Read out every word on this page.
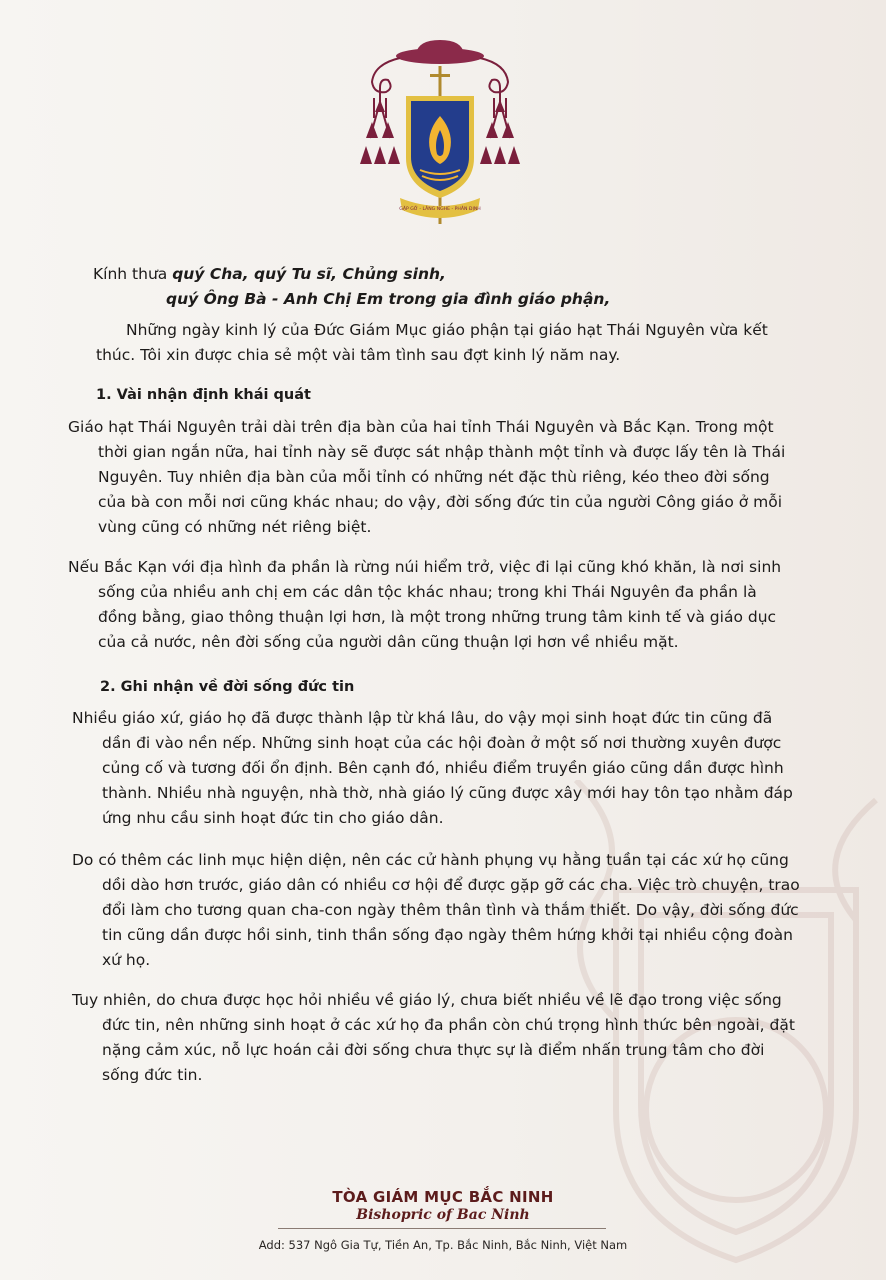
GẶP GỠ - LẮNG NGHE - PHÂN ĐỊNH
Kính thưa quý Cha, quý Tu sĩ, Chủng sinh,
quý Ông Bà - Anh Chị Em trong gia đình giáo phận,

Những ngày kinh lý của Đức Giám Mục giáo phận tại giáo hạt Thái Nguyên vừa kết thúc. Tôi xin được chia sẻ một vài tâm tình sau đợt kinh lý năm nay.

1. Vài nhận định khái quát

Giáo hạt Thái Nguyên trải dài trên địa bàn của hai tỉnh Thái Nguyên và Bắc Kạn. Trong một thời gian ngắn nữa, hai tỉnh này sẽ được sát nhập thành một tỉnh và được lấy tên là Thái Nguyên. Tuy nhiên địa bàn của mỗi tỉnh có những nét đặc thù riêng, kéo theo đời sống của bà con mỗi nơi cũng khác nhau; do vậy, đời sống đức tin của người Công giáo ở mỗi vùng cũng có những nét riêng biệt.

Nếu Bắc Kạn với địa hình đa phần là rừng núi hiểm trở, việc đi lại cũng khó khăn, là nơi sinh sống của nhiều anh chị em các dân tộc khác nhau; trong khi Thái Nguyên đa phần là đồng bằng, giao thông thuận lợi hơn, là một trong những trung tâm kinh tế và giáo dục của cả nước, nên đời sống của người dân cũng thuận lợi hơn về nhiều mặt.

2. Ghi nhận về đời sống đức tin

Nhiều giáo xứ, giáo họ đã được thành lập từ khá lâu, do vậy mọi sinh hoạt đức tin cũng đã dần đi vào nền nếp. Những sinh hoạt của các hội đoàn ở một số nơi thường xuyên được củng cố và tương đối ổn định. Bên cạnh đó, nhiều điểm truyền giáo cũng dần được hình thành. Nhiều nhà nguyện, nhà thờ, nhà giáo lý cũng được xây mới hay tôn tạo nhằm đáp ứng nhu cầu sinh hoạt đức tin cho giáo dân.

Do có thêm các linh mục hiện diện, nên các cử hành phụng vụ hằng tuần tại các xứ họ cũng dồi dào hơn trước, giáo dân có nhiều cơ hội để được gặp gỡ các cha. Việc trò chuyện, trao đổi làm cho tương quan cha-con ngày thêm thân tình và thắm thiết. Do vậy, đời sống đức tin cũng dần được hồi sinh, tinh thần sống đạo ngày thêm hứng khởi tại nhiều cộng đoàn xứ họ.

Tuy nhiên, do chưa được học hỏi nhiều về giáo lý, chưa biết nhiều về lẽ đạo trong việc sống đức tin, nên những sinh hoạt ở các xứ họ đa phần còn chú trọng hình thức bên ngoài, đặt nặng cảm xúc, nỗ lực hoán cải đời sống chưa thực sự là điểm nhấn trung tâm cho đời sống đức tin.

TÒA GIÁM MỤC BẮC NINH
Bishopric of Bac Ninh
Add: 537 Ngô Gia Tự, Tiền An, Tp. Bắc Ninh, Bắc Ninh, Việt Nam
